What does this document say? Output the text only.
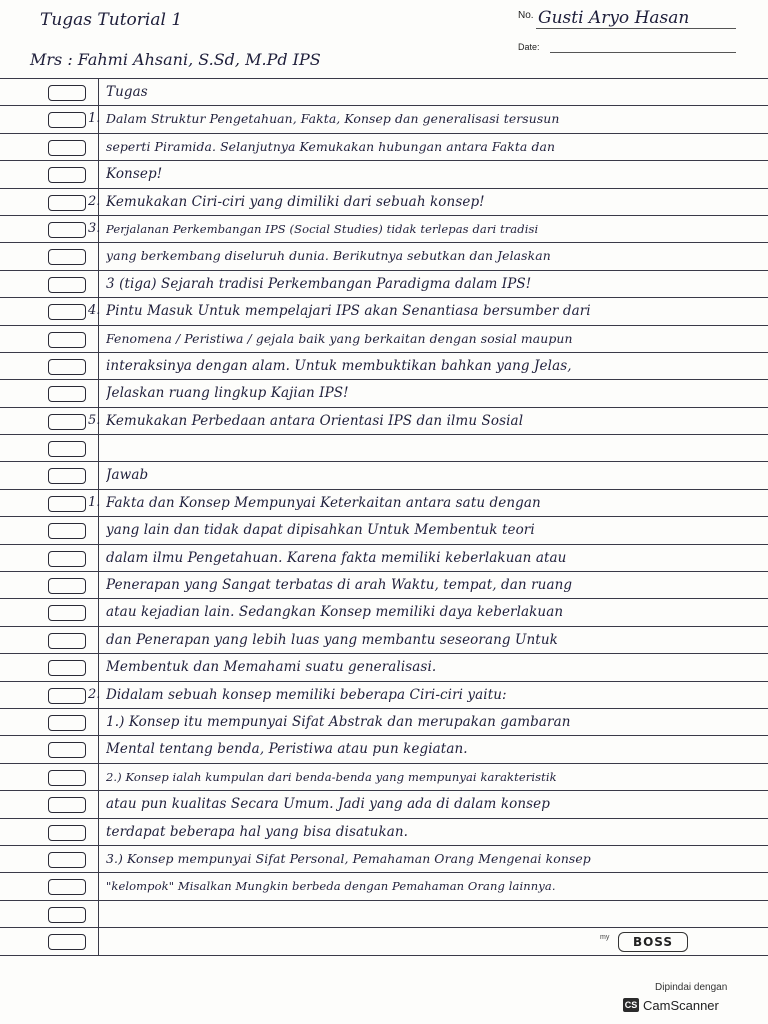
Tugas Tutorial 1	No. Gusti Aryo Hasan
Mrs : Fahmi Ahsani, S.Sd, M.Pd IPS
Date:
Tugas
1. Dalam Struktur Pengetahuan, Fakta, Konsep dan generalisasi tersusun
seperti Piramida. Selanjutnya Kemukakan hubungan antara Fakta dan
Konsep!
2. Kemukakan Ciri-ciri yang dimiliki dari sebuah konsep!
3. Perjalanan Perkembangan IPS (Social Studies) tidak terlepas dari tradisi
yang berkembang diseluruh dunia. Berikutnya sebutkan dan Jelaskan
3 (tiga) Sejarah tradisi Perkembangan Paradigma dalam IPS!
4. Pintu Masuk Untuk mempelajari IPS akan Senantiasa bersumber dari
Fenomena / Peristiwa / gejala baik yang berkaitan dengan sosial maupun
interaksinya dengan alam. Untuk membuktikan bahkan yang Jelas,
Jelaskan ruang lingkup Kajian IPS!
5. Kemukakan Perbedaan antara Orientasi IPS dan ilmu Sosial
Jawab
1. Fakta dan Konsep Mempunyai Keterkaitan antara satu dengan
yang lain dan tidak dapat dipisahkan Untuk Membentuk teori
dalam ilmu Pengetahuan. Karena fakta memiliki keberlakuan atau
Penerapan yang Sangat terbatas di arah Waktu, tempat, dan ruang
atau kejadian lain. Sedangkan Konsep memiliki daya keberlakuan
dan Penerapan yang lebih luas yang membantu seseorang Untuk
Membentuk dan Memahami suatu generalisasi.
2. Didalam sebuah konsep memiliki beberapa Ciri-ciri yaitu:
1.) Konsep itu mempunyai Sifat Abstrak dan merupakan gambaran
Mental tentang benda, Peristiwa atau pun kegiatan.
2.) Konsep ialah kumpulan dari benda-benda yang mempunyai karakteristik
atau pun kualitas Secara Umum. Jadi yang ada di dalam konsep
terdapat beberapa hal yang bisa disatukan.
3.) Konsep mempunyai Sifat Personal, Pemahaman Orang Mengenai konsep
"kelompok" Misalkan Mungkin berbeda dengan Pemahaman Orang lainnya.
my	BOSS
Dipindai dengan
CS CamScanner
